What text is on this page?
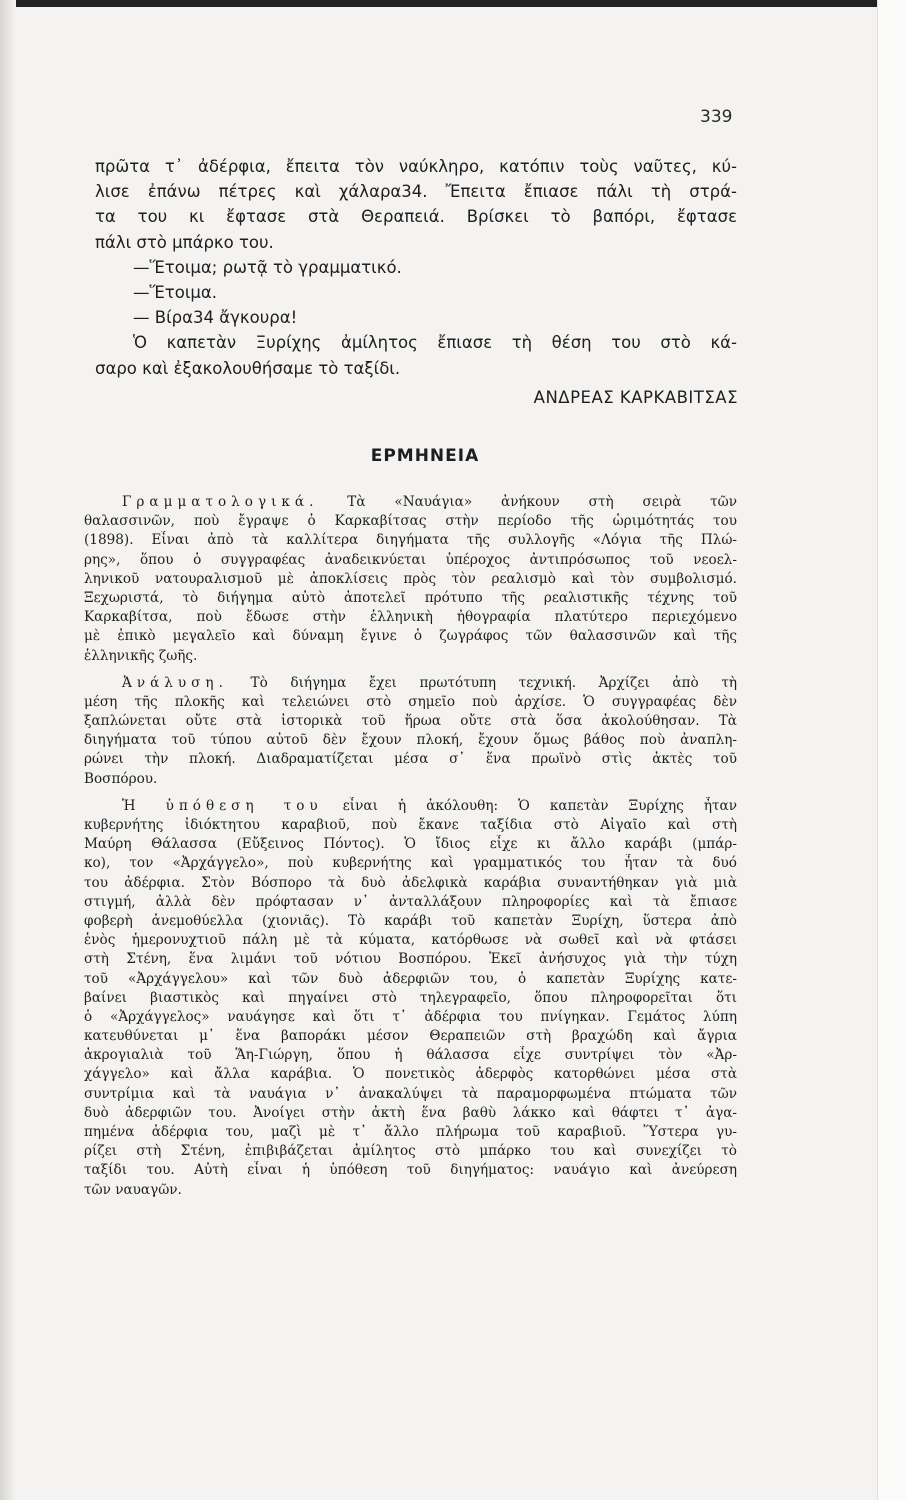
339
πρῶτα τ᾿ ἀδέρφια, ἔπειτα τὸν ναύκληρο, κατόπιν τοὺς ναῦτες, κύ-
λισε ἐπάνω πέτρες καὶ χάλαρα34. Ἔπειτα ἔπιασε πάλι τὴ στρά-
τα του κι ἔφτασε στὰ Θεραπειά. Βρίσκει τὸ βαπόρι, ἔφτασε
πάλι στὸ μπάρκο του.
—Ἕτοιμα; ρωτᾷ τὸ γραμματικό.
—Ἕτοιμα.
— Βίρα34 ἄγκουρα!
Ὁ καπετὰν Ξυρίχης ἀμίλητος ἔπιασε τὴ θέση του στὸ κά-
σαρο καὶ ἐξακολουθήσαμε τὸ ταξίδι.
ΑΝΔΡΕΑΣ ΚΑΡΚΑΒΙΤΣΑΣ
ΕΡΜΗΝΕΙΑ
Γραμματολογικά. Τὰ «Ναυάγια» ἀνήκουν στὴ σειρὰ τῶν
θαλασσινῶν, ποὺ ἔγραψε ὁ Καρκαβίτσας στὴν περίοδο τῆς ὡριμότητάς του
(1898). Εἶναι ἀπὸ τὰ καλλίτερα διηγήματα τῆς συλλογῆς «Λόγια τῆς Πλώ-
ρης», ὅπου ὁ συγγραφέας ἀναδεικνύεται ὑπέροχος ἀντιπρόσωπος τοῦ νεοελ-
ληνικοῦ νατουραλισμοῦ μὲ ἀποκλίσεις πρὸς τὸν ρεαλισμὸ καὶ τὸν συμβολισμό.
Ξεχωριστά, τὸ διήγημα αὐτὸ ἀποτελεῖ πρότυπο τῆς ρεαλιστικῆς τέχνης τοῦ
Καρκαβίτσα, ποὺ ἔδωσε στὴν ἑλληνικὴ ἠθογραφία πλατύτερο περιεχόμενο
μὲ ἐπικὸ μεγαλεῖο καὶ δύναμη ἔγινε ὁ ζωγράφος τῶν θαλασσινῶν καὶ τῆς
ἑλληνικῆς ζωῆς.
Ἀνάλυση. Τὸ διήγημα ἔχει πρωτότυπη τεχνική. Ἀρχίζει ἀπὸ τὴ
μέση τῆς πλοκῆς καὶ τελειώνει στὸ σημεῖο ποὺ ἀρχίσε. Ὁ συγγραφέας δὲν
ξαπλώνεται οὔτε στὰ ἱστορικὰ τοῦ ἥρωα οὔτε στὰ ὅσα ἀκολούθησαν. Τὰ
διηγήματα τοῦ τύπου αὐτοῦ δὲν ἔχουν πλοκή, ἔχουν ὅμως βάθος ποὺ ἀναπλη-
ρώνει τὴν πλοκή. Διαδραματίζεται μέσα σ᾿ ἕνα πρωϊνὸ στὶς ἀκτὲς τοῦ
Βοσπόρου.
Ἡ ὑπόθεση του εἶναι ἡ ἀκόλουθη: Ὁ καπετὰν Ξυρίχης ἦταν
κυβερνήτης ἰδιόκτητου καραβιοῦ, ποὺ ἔκανε ταξίδια στὸ Αἰγαῖο καὶ στὴ
Μαύρη Θάλασσα (Εὔξεινος Πόντος). Ὁ ἴδιος εἶχε κι ἄλλο καράβι (μπάρ-
κο), τον «Ἀρχάγγελο», ποὺ κυβερνήτης καὶ γραμματικός του ἦταν τὰ δυό
του ἀδέρφια. Στὸν Βόσπορο τὰ δυὸ ἀδελφικὰ καράβια συναντήθηκαν γιὰ μιὰ
στιγμή, ἀλλὰ δὲν πρόφτασαν ν᾿ ἀνταλλάξουν πληροφορίες καὶ τὰ ἔπιασε
φοβερὴ ἀνεμοθύελλα (χιονιᾶς). Τὸ καράβι τοῦ καπετὰν Ξυρίχη, ὕστερα ἀπὸ
ἑνὸς ἡμερονυχτιοῦ πάλη μὲ τὰ κύματα, κατόρθωσε νὰ σωθεῖ καὶ νὰ φτάσει
στὴ Στένη, ἕνα λιμάνι τοῦ νότιου Βοσπόρου. Ἐκεῖ ἀνήσυχος γιὰ τὴν τύχη
τοῦ «Ἀρχάγγελου» καὶ τῶν δυὸ ἀδερφιῶν του, ὁ καπετὰν Ξυρίχης κατε-
βαίνει βιαστικὸς καὶ πηγαίνει στὸ τηλεγραφεῖο, ὅπου πληροφορεῖται ὅτι
ὁ «Ἀρχάγγελος» ναυάγησε καὶ ὅτι τ᾿ ἀδέρφια του πνίγηκαν. Γεμάτος λύπη
κατευθύνεται μ᾿ ἕνα βαποράκι μέσον Θεραπειῶν στὴ βραχώδη καὶ ἄγρια
ἀκρογιαλιὰ τοῦ Ἅη-Γιώργη, ὅπου ἡ θάλασσα εἶχε συντρίψει τὸν «Ἀρ-
χάγγελο» καὶ ἄλλα καράβια. Ὁ πονετικὸς ἀδερφὸς κατορθώνει μέσα στὰ
συντρίμια καὶ τὰ ναυάγια ν᾿ ἀνακαλύψει τὰ παραμορφωμένα πτώματα τῶν
δυὸ ἀδερφιῶν του. Ἀνοίγει στὴν ἀκτὴ ἕνα βαθὺ λάκκο καὶ θάφτει τ᾿ ἀγα-
πημένα ἀδέρφια του, μαζὶ μὲ τ᾿ ἄλλο πλήρωμα τοῦ καραβιοῦ. Ὕστερα γυ-
ρίζει στὴ Στένη, ἐπιβιβάζεται ἀμίλητος στὸ μπάρκο του καὶ συνεχίζει τὸ
ταξίδι του. Αὐτὴ εἶναι ἡ ὑπόθεση τοῦ διηγήματος: ναυάγιο καὶ ἀνεύρεση
τῶν ναυαγῶν.
